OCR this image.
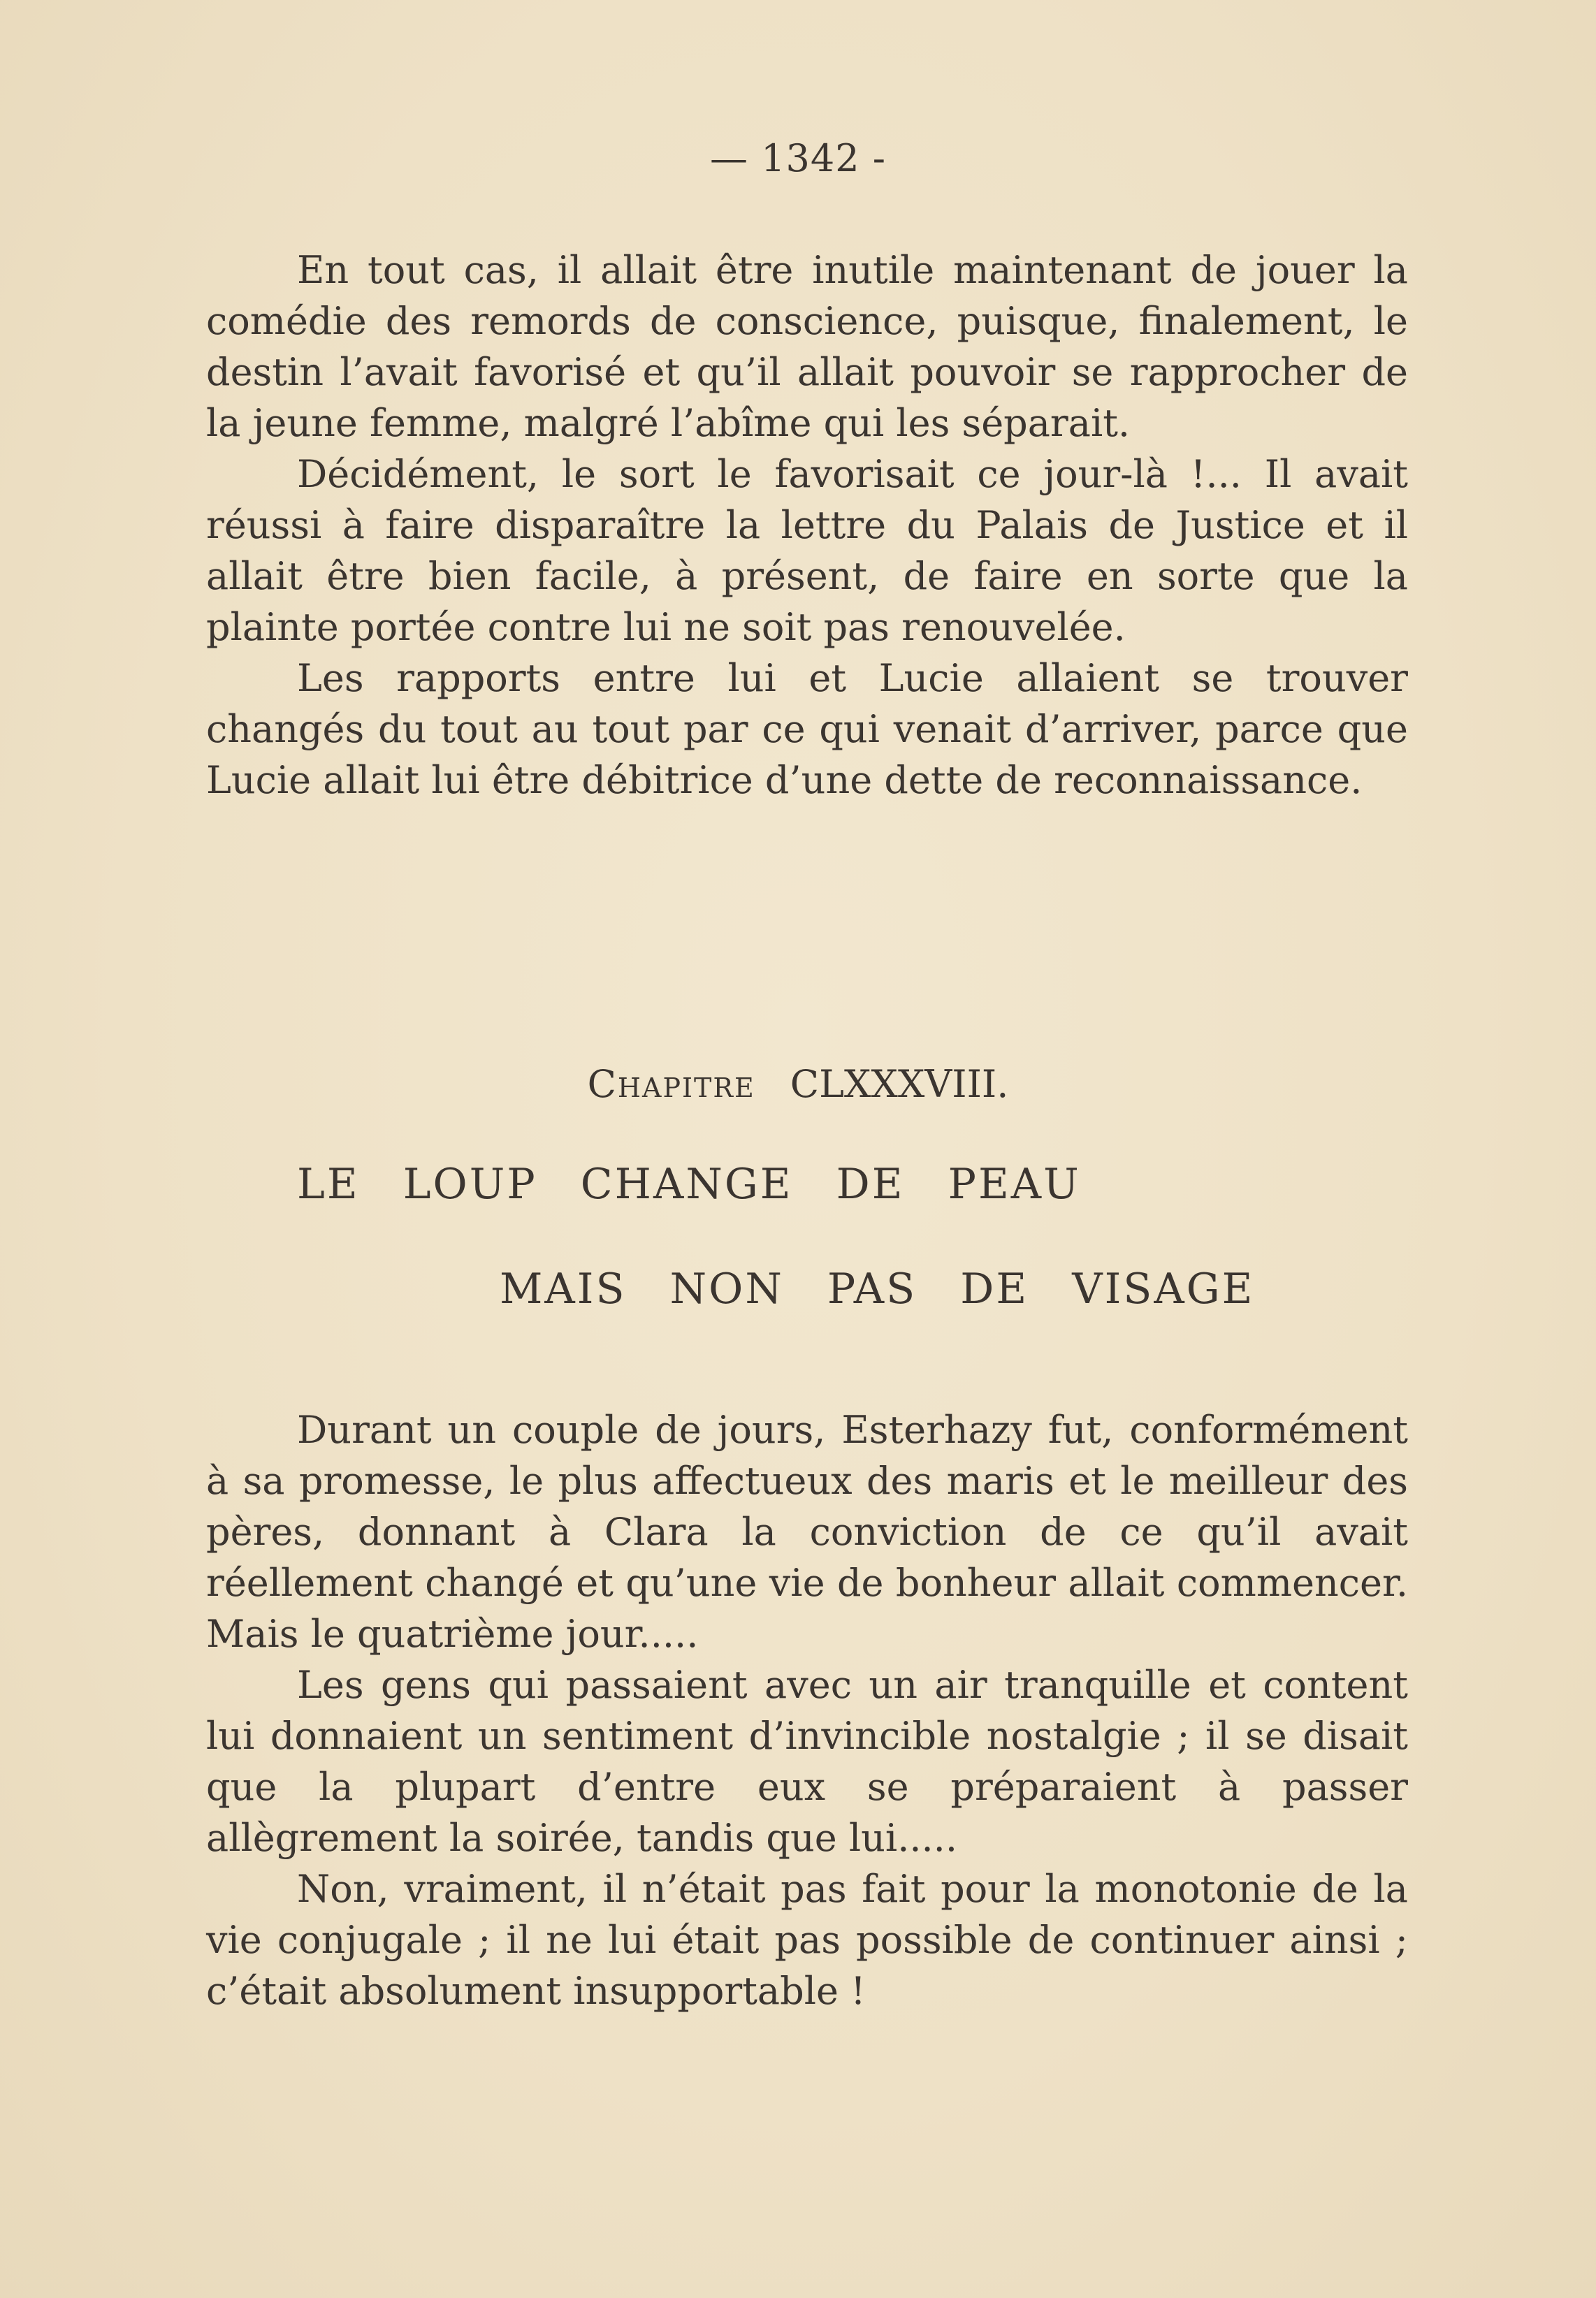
— 1342 -

En tout cas, il allait être inutile maintenant de jouer la comédie des remords de conscience, puisque, finalement, le destin l’avait favorisé et qu’il allait pouvoir se rapprocher de la jeune femme, malgré l’abîme qui les séparait.

Décidément, le sort le favorisait ce jour-là !... Il avait réussi à faire disparaître la lettre du Palais de Justice et il allait être bien facile, à présent, de faire en sorte que la plainte portée contre lui ne soit pas renouvelée.

Les rapports entre lui et Lucie allaient se trouver changés du tout au tout par ce qui venait d’arriver, parce que Lucie allait lui être débitrice d’une dette de reconnaissance.

Chapitre CLXXXVIII.
LE LOUP CHANGE DE PEAU
MAIS NON PAS DE VISAGE

Durant un couple de jours, Esterhazy fut, conformément à sa promesse, le plus affectueux des maris et le meilleur des pères, donnant à Clara la conviction de ce qu’il avait réellement changé et qu’une vie de bonheur allait commencer. Mais le quatrième jour.....

Les gens qui passaient avec un air tranquille et content lui donnaient un sentiment d’invincible nostalgie ; il se disait que la plupart d’entre eux se préparaient à passer allègrement la soirée, tandis que lui.....

Non, vraiment, il n’était pas fait pour la monotonie de la vie conjugale ; il ne lui était pas possible de continuer ainsi ; c’était absolument insupportable !
